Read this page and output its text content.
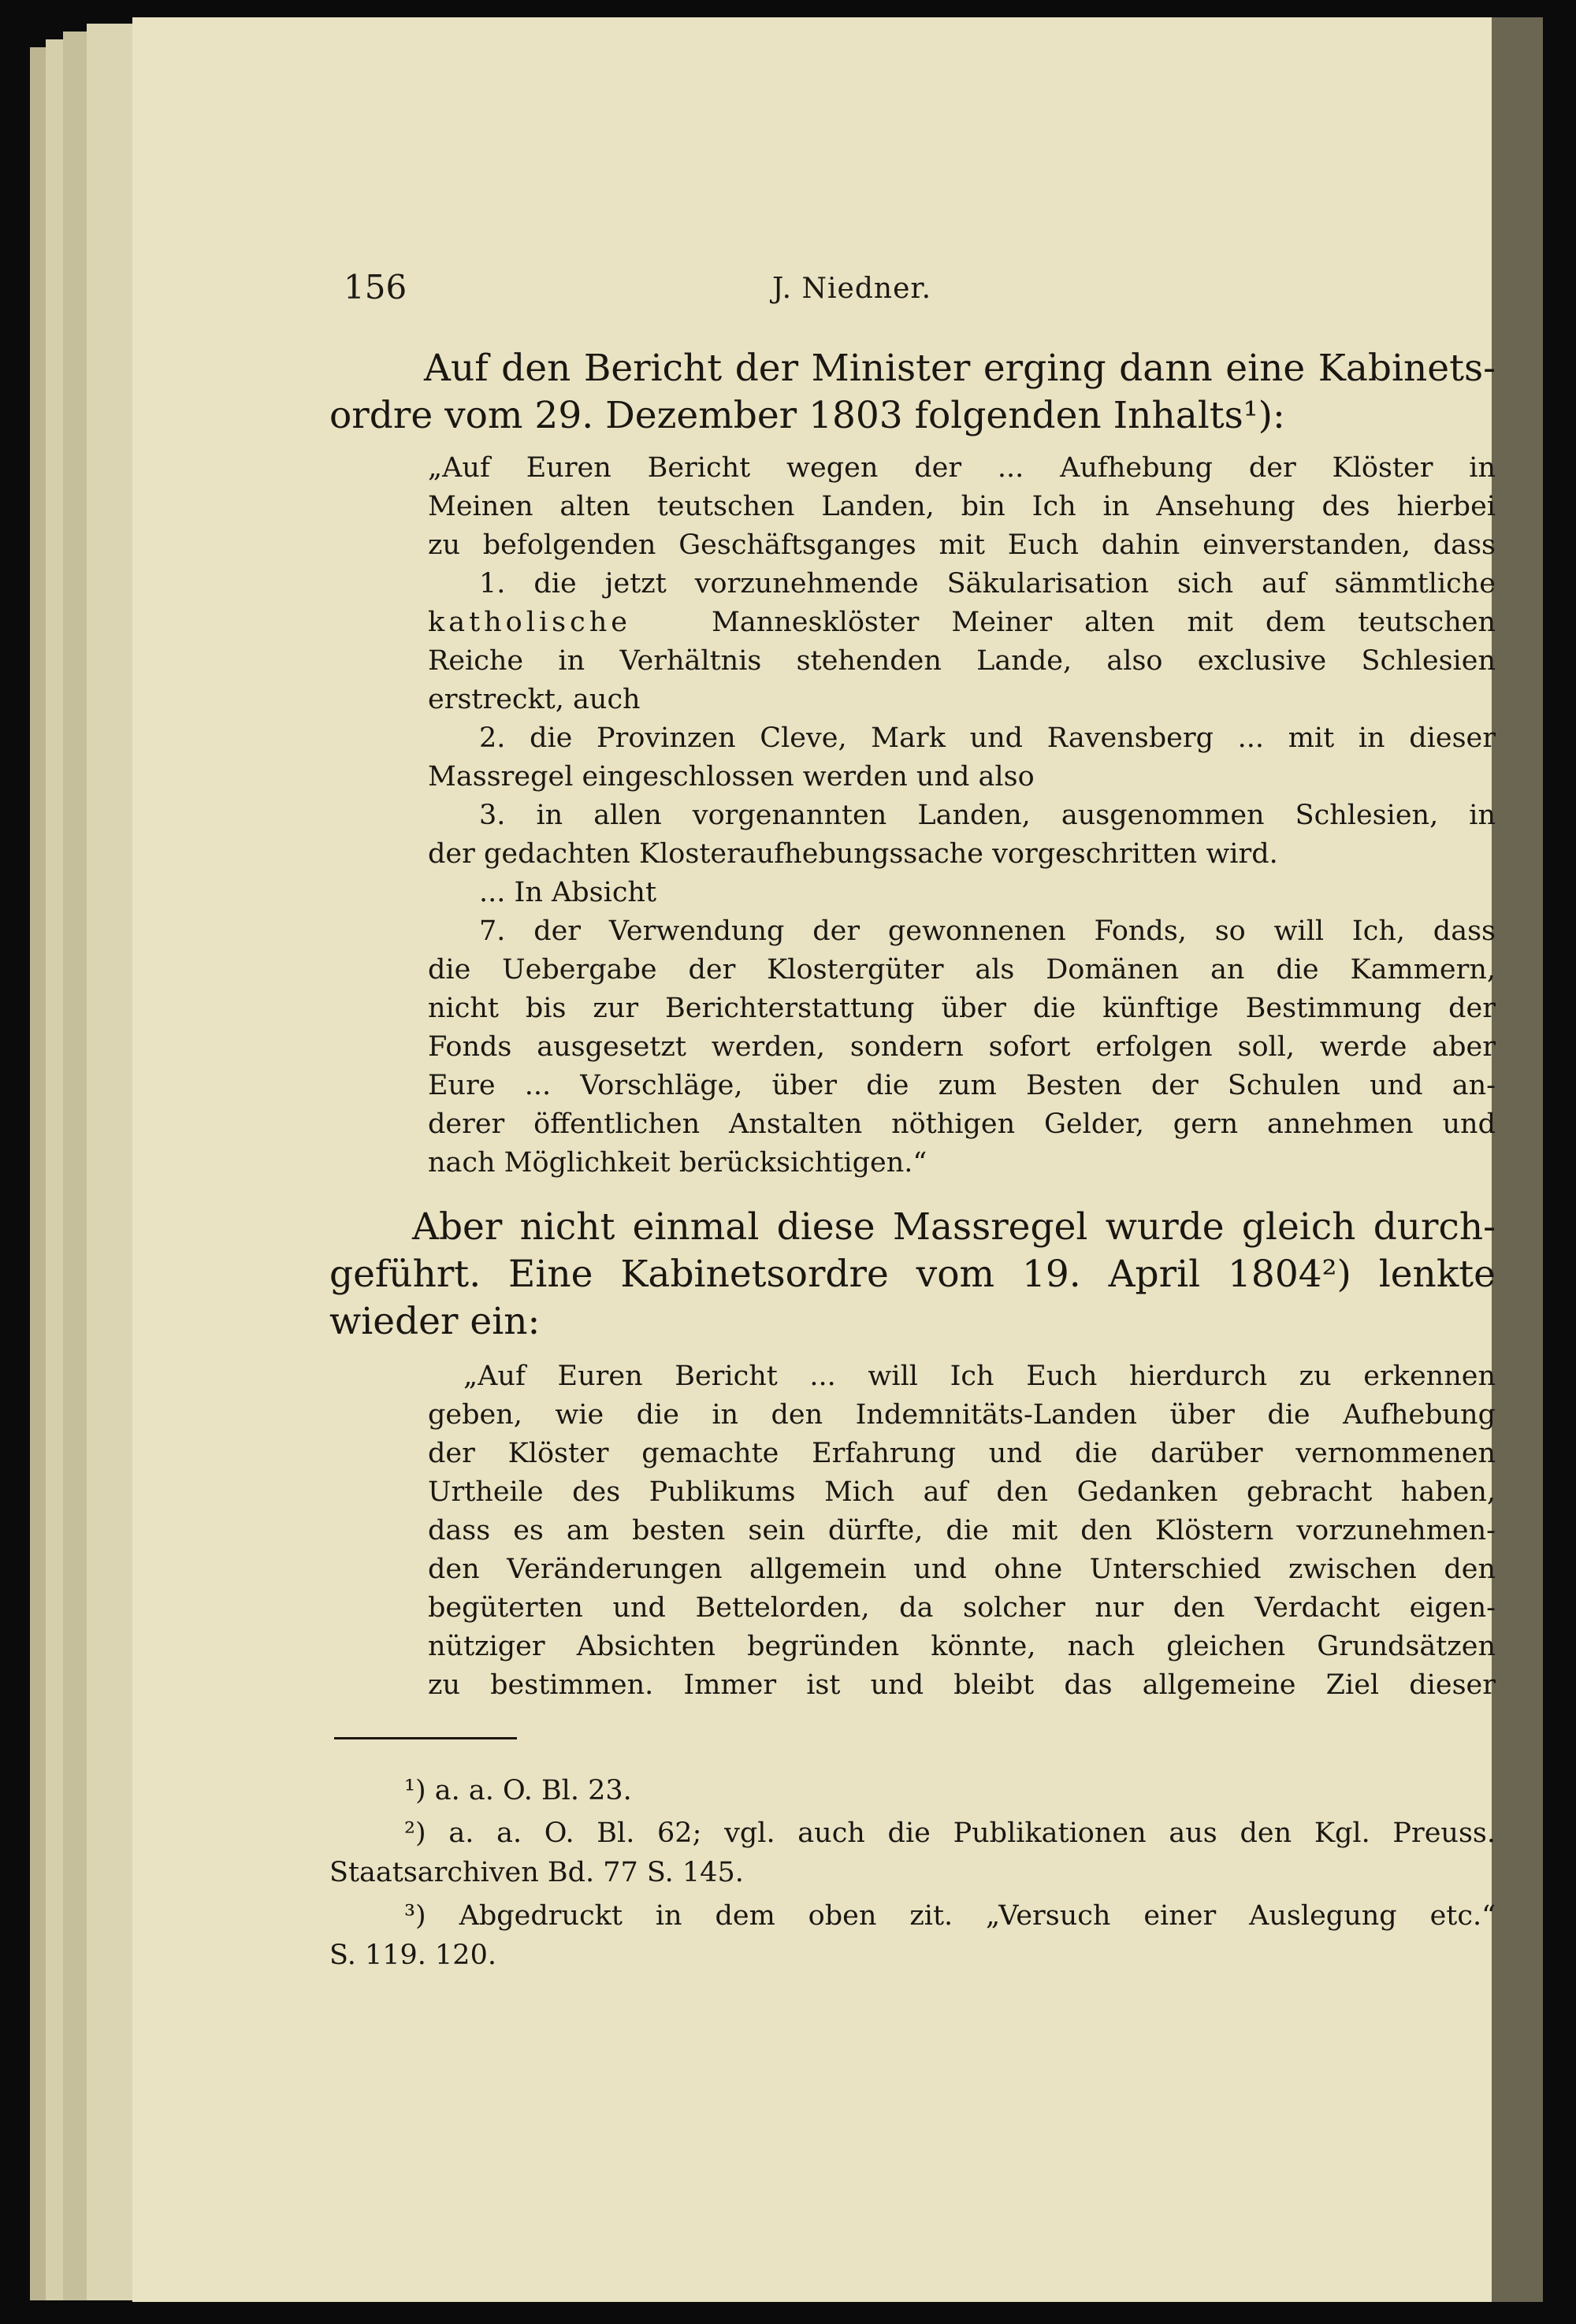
156	J. Niedner.
Auf den Bericht der Minister erging dann eine Kabinets-
ordre vom 29. Dezember 1803 folgenden Inhalts¹):
„Auf Euren Bericht wegen der ... Aufhebung der Klöster in
Meinen alten teutschen Landen, bin Ich in Ansehung des hierbei
zu befolgenden Geschäftsganges mit Euch dahin einverstanden, dass
1. die jetzt vorzunehmende Säkularisation sich auf sämmtliche
katholische	Mannesklöster Meiner alten mit dem teutschen
Reiche in Verhältnis stehenden Lande, also exclusive Schlesien
erstreckt, auch
2. die Provinzen Cleve, Mark und Ravensberg ... mit in dieser
Massregel eingeschlossen werden und also
3. in allen vorgenannten Landen, ausgenommen Schlesien, in
der gedachten Klosteraufhebungssache vorgeschritten wird.
... In Absicht
7. der Verwendung der gewonnenen Fonds, so will Ich, dass
die Uebergabe der Klostergüter als Domänen an die Kammern,
nicht bis zur Berichterstattung über die künftige Bestimmung der
Fonds ausgesetzt werden, sondern sofort erfolgen soll, werde aber
Eure ... Vorschläge, über die zum Besten der Schulen und an-
derer öffentlichen Anstalten nöthigen Gelder, gern annehmen und
nach Möglichkeit berücksichtigen.“
Aber nicht einmal diese Massregel wurde gleich durch-
geführt. Eine Kabinetsordre vom 19. April 1804²) lenkte
wieder ein:
„Auf Euren Bericht ... will Ich Euch hierdurch zu erkennen
geben, wie die in den Indemnitäts-Landen über die Aufhebung
der Klöster gemachte Erfahrung und die darüber vernommenen
Urtheile des Publikums Mich auf den Gedanken gebracht haben,
dass es am besten sein dürfte, die mit den Klöstern vorzunehmen-
den Veränderungen allgemein und ohne Unterschied zwischen den
begüterten und Bettelorden, da solcher nur den Verdacht eigen-
nütziger Absichten begründen könnte, nach gleichen Grundsätzen
zu bestimmen. Immer ist und bleibt das allgemeine Ziel dieser
¹) a. a. O. Bl. 23.
²) a. a. O. Bl. 62; vgl. auch die Publikationen aus den Kgl. Preuss.
Staatsarchiven Bd. 77 S. 145.
³) Abgedruckt in dem oben zit. „Versuch einer Auslegung etc.“
S. 119. 120.
